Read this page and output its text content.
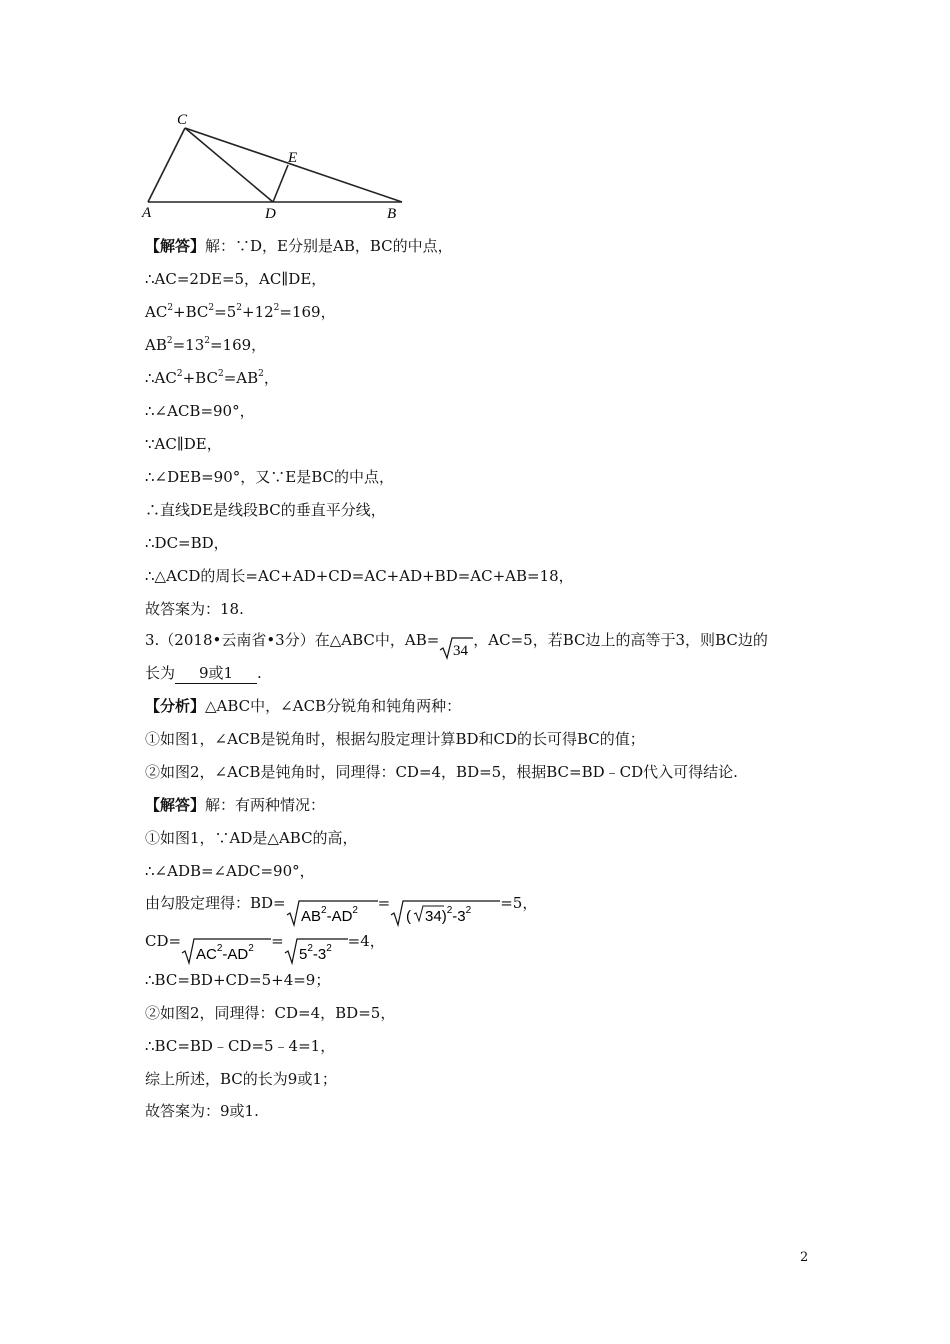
C
E
A	D	B
【解答】解：∵D，E分别是AB，BC的中点，
∴AC=2DE=5，AC∥DE，
$AC^2+BC^2=5^2+12^2=169$，
$AB^2=13^2=169$，
$\therefore AC^2+BC^2=AB^2$，
∴∠ACB=90°，
∵AC∥DE，
∴∠DEB=90°，又∵E是BC的中点，
∴直线DE是线段BC的垂直平分线，
∴DC=BD，
∴△ACD的周长=AC+AD+CD=AC+AD+BD=AC+AB=18，
故答案为：18.
3.（2018•云南省•3分）在△ABC中，AB=
34
，AC=5，若BC边上的高等于3，则BC边的
长为 9或1 .
【分析】△ABC中，∠ACB分锐角和钝角两种：
①如图1，∠ACB是锐角时，根据勾股定理计算BD和CD的长可得BC的值；
②如图2，∠ACB是钝角时，同理得：CD=4，BD=5，根据BC=BD﹣CD代入可得结论.
【解答】解：有两种情况：
①如图1，∵AD是△ABC的高，
∴∠ADB=∠ADC=90°，
由勾股定理得：BD=
$AB^2-AD^2$ =
( $34)^2-3^2 =5$，
CD=
$AC^2-AD^2$ =
$5^2-3^2 =4$，
∴BC=BD+CD=5+4=9；
②如图2，同理得：CD=4，BD=5，
∴BC=BD﹣CD=5﹣4=1，
综上所述，BC的长为9或1；
故答案为：9或1.
2
